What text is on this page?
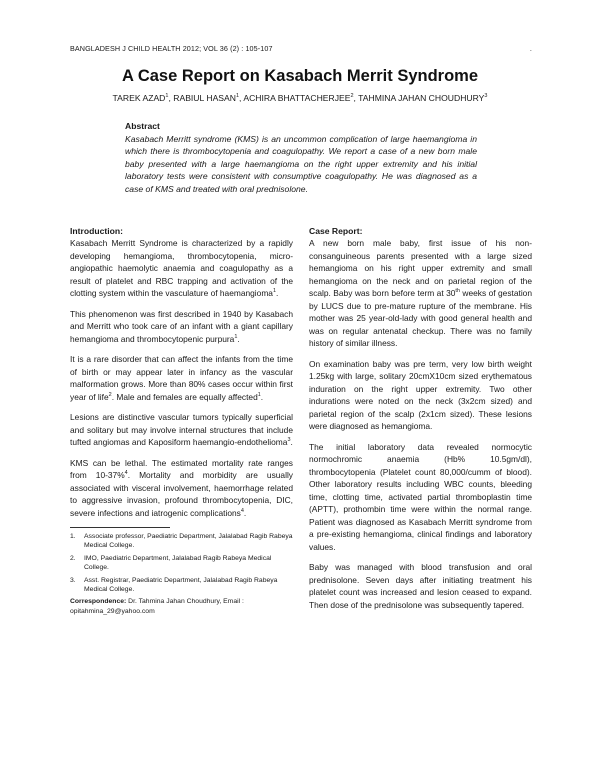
BANGLADESH J CHILD HEALTH 2012; VOL 36 (2) : 105-107	.
A Case Report on Kasabach Merrit Syndrome
TAREK AZAD$^1$, RABIUL HASAN$^1$, ACHIRA BHATTACHERJEE$^2$, TAHMINA JAHAN CHOUDHURY$^3$
Abstract

Kasabach Merritt syndrome (KMS) is an uncommon complication of large haemangioma in which there is thrombocytopenia and coagulopathy. We report a case of a new born male baby presented with a large haemangioma on the right upper extremity and his initial laboratory tests were consistent with consumptive coagulopathy. He was diagnosed as a case of KMS and treated with oral prednisolone.

Introduction:

Kasabach Merritt Syndrome is characterized by a rapidly developing hemangioma, thrombocytopenia, micro-angiopathic haemolytic anaemia and coagulopathy as a result of platelet and RBC trapping and activation of the clotting system within the vasculature of haemangioma$^1$.

This phenomenon was first described in 1940 by Kasabach and Merritt who took care of an infant with a giant capillary hemangioma and thrombocytopenic purpura$^1$.

It is a rare disorder that can affect the infants from the time of birth or may appear later in infancy as the vascular malformation grows. More than 80% cases occur within first year of life$^2$. Male and females are equally affected$^1$.

Lesions are distinctive vascular tumors typically superficial and solitary but may involve internal structures that include tufted angiomas and Kaposiform haemangio-endothelioma$^3$.

KMS can be lethal. The estimated mortality rate ranges from 10-37%$^4$. Mortality and morbidity are usually associated with visceral involvement, haemorrhage related to aggressive invasion, profound thrombocytopenia, DIC, severe infections and iatrogenic complications$^4$.

1.	Associate professor, Paediatric Department, Jalalabad Ragib Rabeya Medical College.
2.	IMO, Paediatric Department, Jalalabad Ragib Rabeya Medical College.
3.	Asst. Registrar, Paediatric Department, Jalalabad Ragib Rabeya Medical College.
Correspondence: Dr. Tahmina Jahan Choudhury, Email : opitahmina_29@yahoo.com
Case Report:

A new born male baby, first issue of his non-consanguineous parents presented with a large sized hemangioma on his right upper extremity and small hemangioma on the neck and on parietal region of the scalp. Baby was born before term at 30th weeks of gestation by LUCS due to pre-mature rupture of the membrane. His mother was 25 year-old-lady with good general health and was on regular antenatal checkup. There was no family history of similar illness.

On examination baby was pre term, very low birth weight 1.25kg with large, solitary 20cmX10cm sized erythematous induration on the right upper extremity. Two other indurations were noted on the neck (3x2cm sized) and parietal region of the scalp (2x1cm sized). These lesions were diagnosed as hemangioma.

The initial laboratory data revealed normocytic normochromic anaemia (Hb% 10.5gm/dl), thrombocytopenia (Platelet count 80,000/cumm of blood). Other laboratory results including WBC counts, bleeding time, clotting time, activated partial thromboplastin time (APTT), prothombin time were within the normal range. Patient was diagnosed as Kasabach Merritt syndrome from a pre-existing hemangioma, clinical findings and laboratory values.

Baby was managed with blood transfusion and oral prednisolone. Seven days after initiating treatment his platelet count was increased and lesion ceased to expand. Then dose of the prednisolone was subsequently tapered.
